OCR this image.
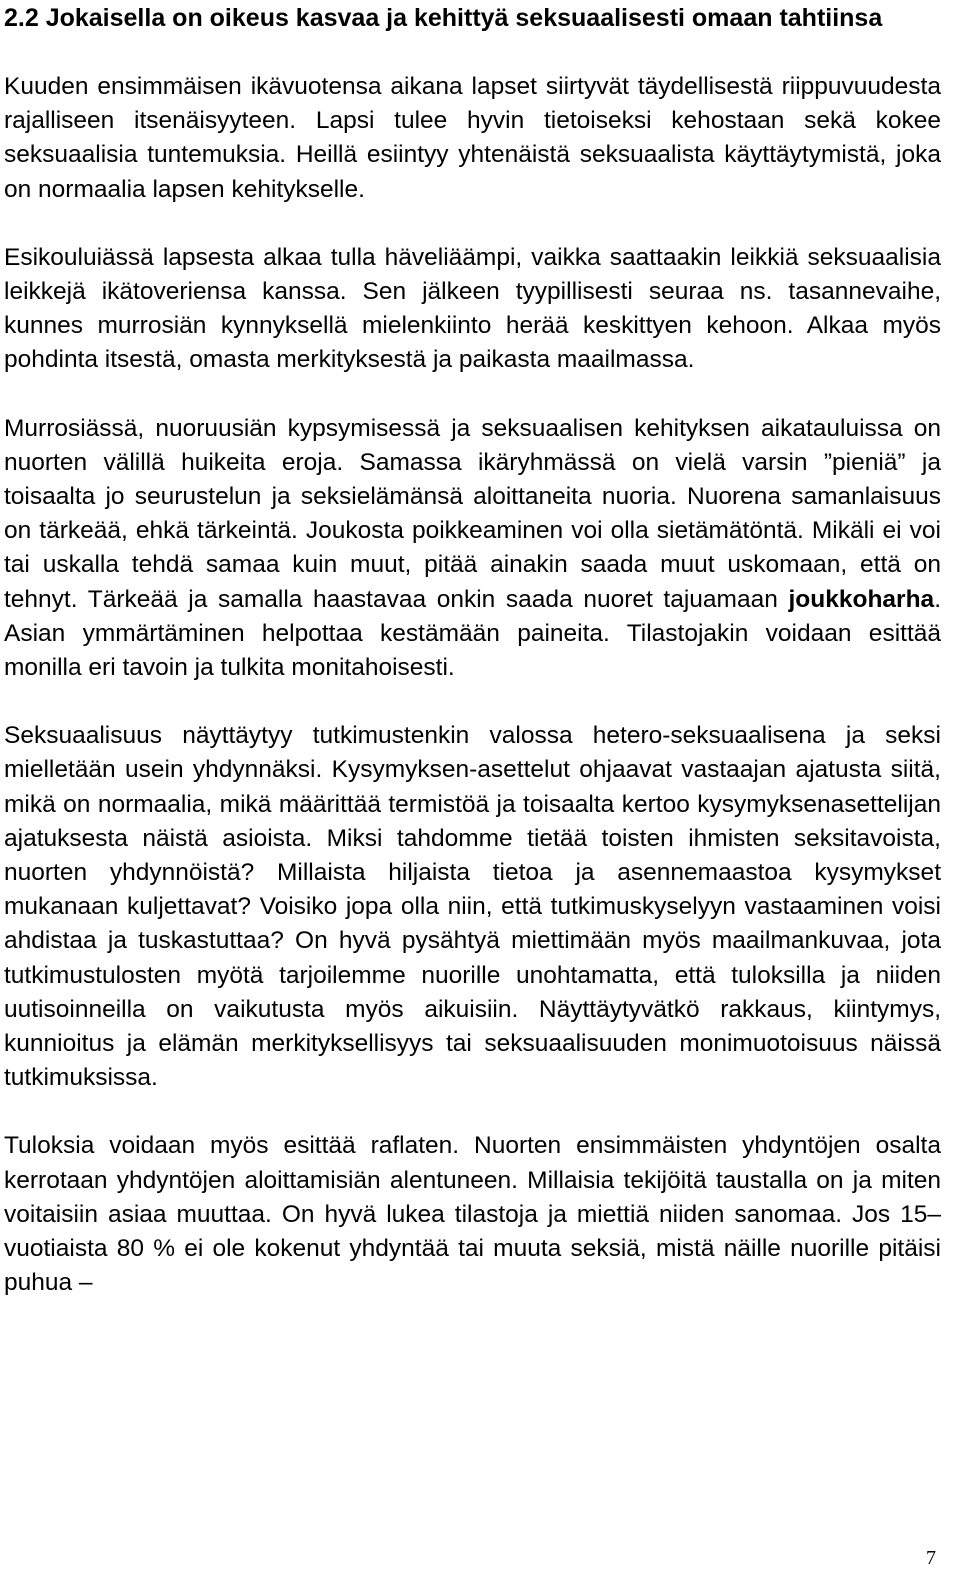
2.2 Jokaisella on oikeus kasvaa ja kehittyä seksuaalisesti omaan tahtiinsa

Kuuden ensimmäisen ikävuotensa aikana lapset siirtyvät täydellisestä riippuvuudesta rajalliseen itsenäisyyteen. Lapsi tulee hyvin tietoiseksi kehostaan sekä kokee seksuaalisia tuntemuksia. Heillä esiintyy yhtenäistä seksuaalista käyttäytymistä, joka on normaalia lapsen kehitykselle.

Esikouluiässä lapsesta alkaa tulla häveliäämpi, vaikka saattaakin leikkiä seksuaalisia leikkejä ikätoveriensa kanssa. Sen jälkeen tyypillisesti seuraa ns. tasannevaihe, kunnes murrosiän kynnyksellä mielenkiinto herää keskittyen kehoon. Alkaa myös pohdinta itsestä, omasta merkityksestä ja paikasta maailmassa.

Murrosiässä, nuoruusiän kypsymisessä ja seksuaalisen kehityksen aikatauluissa on nuorten välillä huikeita eroja. Samassa ikäryhmässä on vielä varsin ”pieniä” ja toisaalta jo seurustelun ja seksielämänsä aloittaneita nuoria. Nuorena samanlaisuus on tärkeää, ehkä tärkeintä. Joukosta poikkeaminen voi olla sietämätöntä. Mikäli ei voi tai uskalla tehdä samaa kuin muut, pitää ainakin saada muut uskomaan, että on tehnyt. Tärkeää ja samalla haastavaa onkin saada nuoret tajuamaan joukkoharha. Asian ymmärtäminen helpottaa kestämään paineita. Tilastojakin voidaan esittää monilla eri tavoin ja tulkita monitahoisesti.

Seksuaalisuus näyttäytyy tutkimustenkin valossa hetero-seksuaalisena ja seksi mielletään usein yhdynnäksi. Kysymyksen-asettelut ohjaavat vastaajan ajatusta siitä, mikä on normaalia, mikä määrittää termistöä ja toisaalta kertoo kysymyksenasettelijan ajatuksesta näistä asioista. Miksi tahdomme tietää toisten ihmisten seksitavoista, nuorten yhdynnöistä? Millaista hiljaista tietoa ja asennemaastoa kysymykset mukanaan kuljettavat? Voisiko jopa olla niin, että tutkimuskyselyyn vastaaminen voisi ahdistaa ja tuskastuttaa? On hyvä pysähtyä miettimään myös maailmankuvaa, jota tutkimustulosten myötä tarjoilemme nuorille unohtamatta, että tuloksilla ja niiden uutisoinneilla on vaikutusta myös aikuisiin. Näyttäytyvätkö rakkaus, kiintymys, kunnioitus ja elämän merkityksellisyys tai seksuaalisuuden monimuotoisuus näissä tutkimuksissa.

Tuloksia voidaan myös esittää raflaten. Nuorten ensimmäisten yhdyntöjen osalta kerrotaan yhdyntöjen aloittamisiän alentuneen. Millaisia tekijöitä taustalla on ja miten voitaisiin asiaa muuttaa. On hyvä lukea tilastoja ja miettiä niiden sanomaa. Jos 15–vuotiaista 80 % ei ole kokenut yhdyntää tai muuta seksiä, mistä näille nuorille pitäisi puhua –

7
